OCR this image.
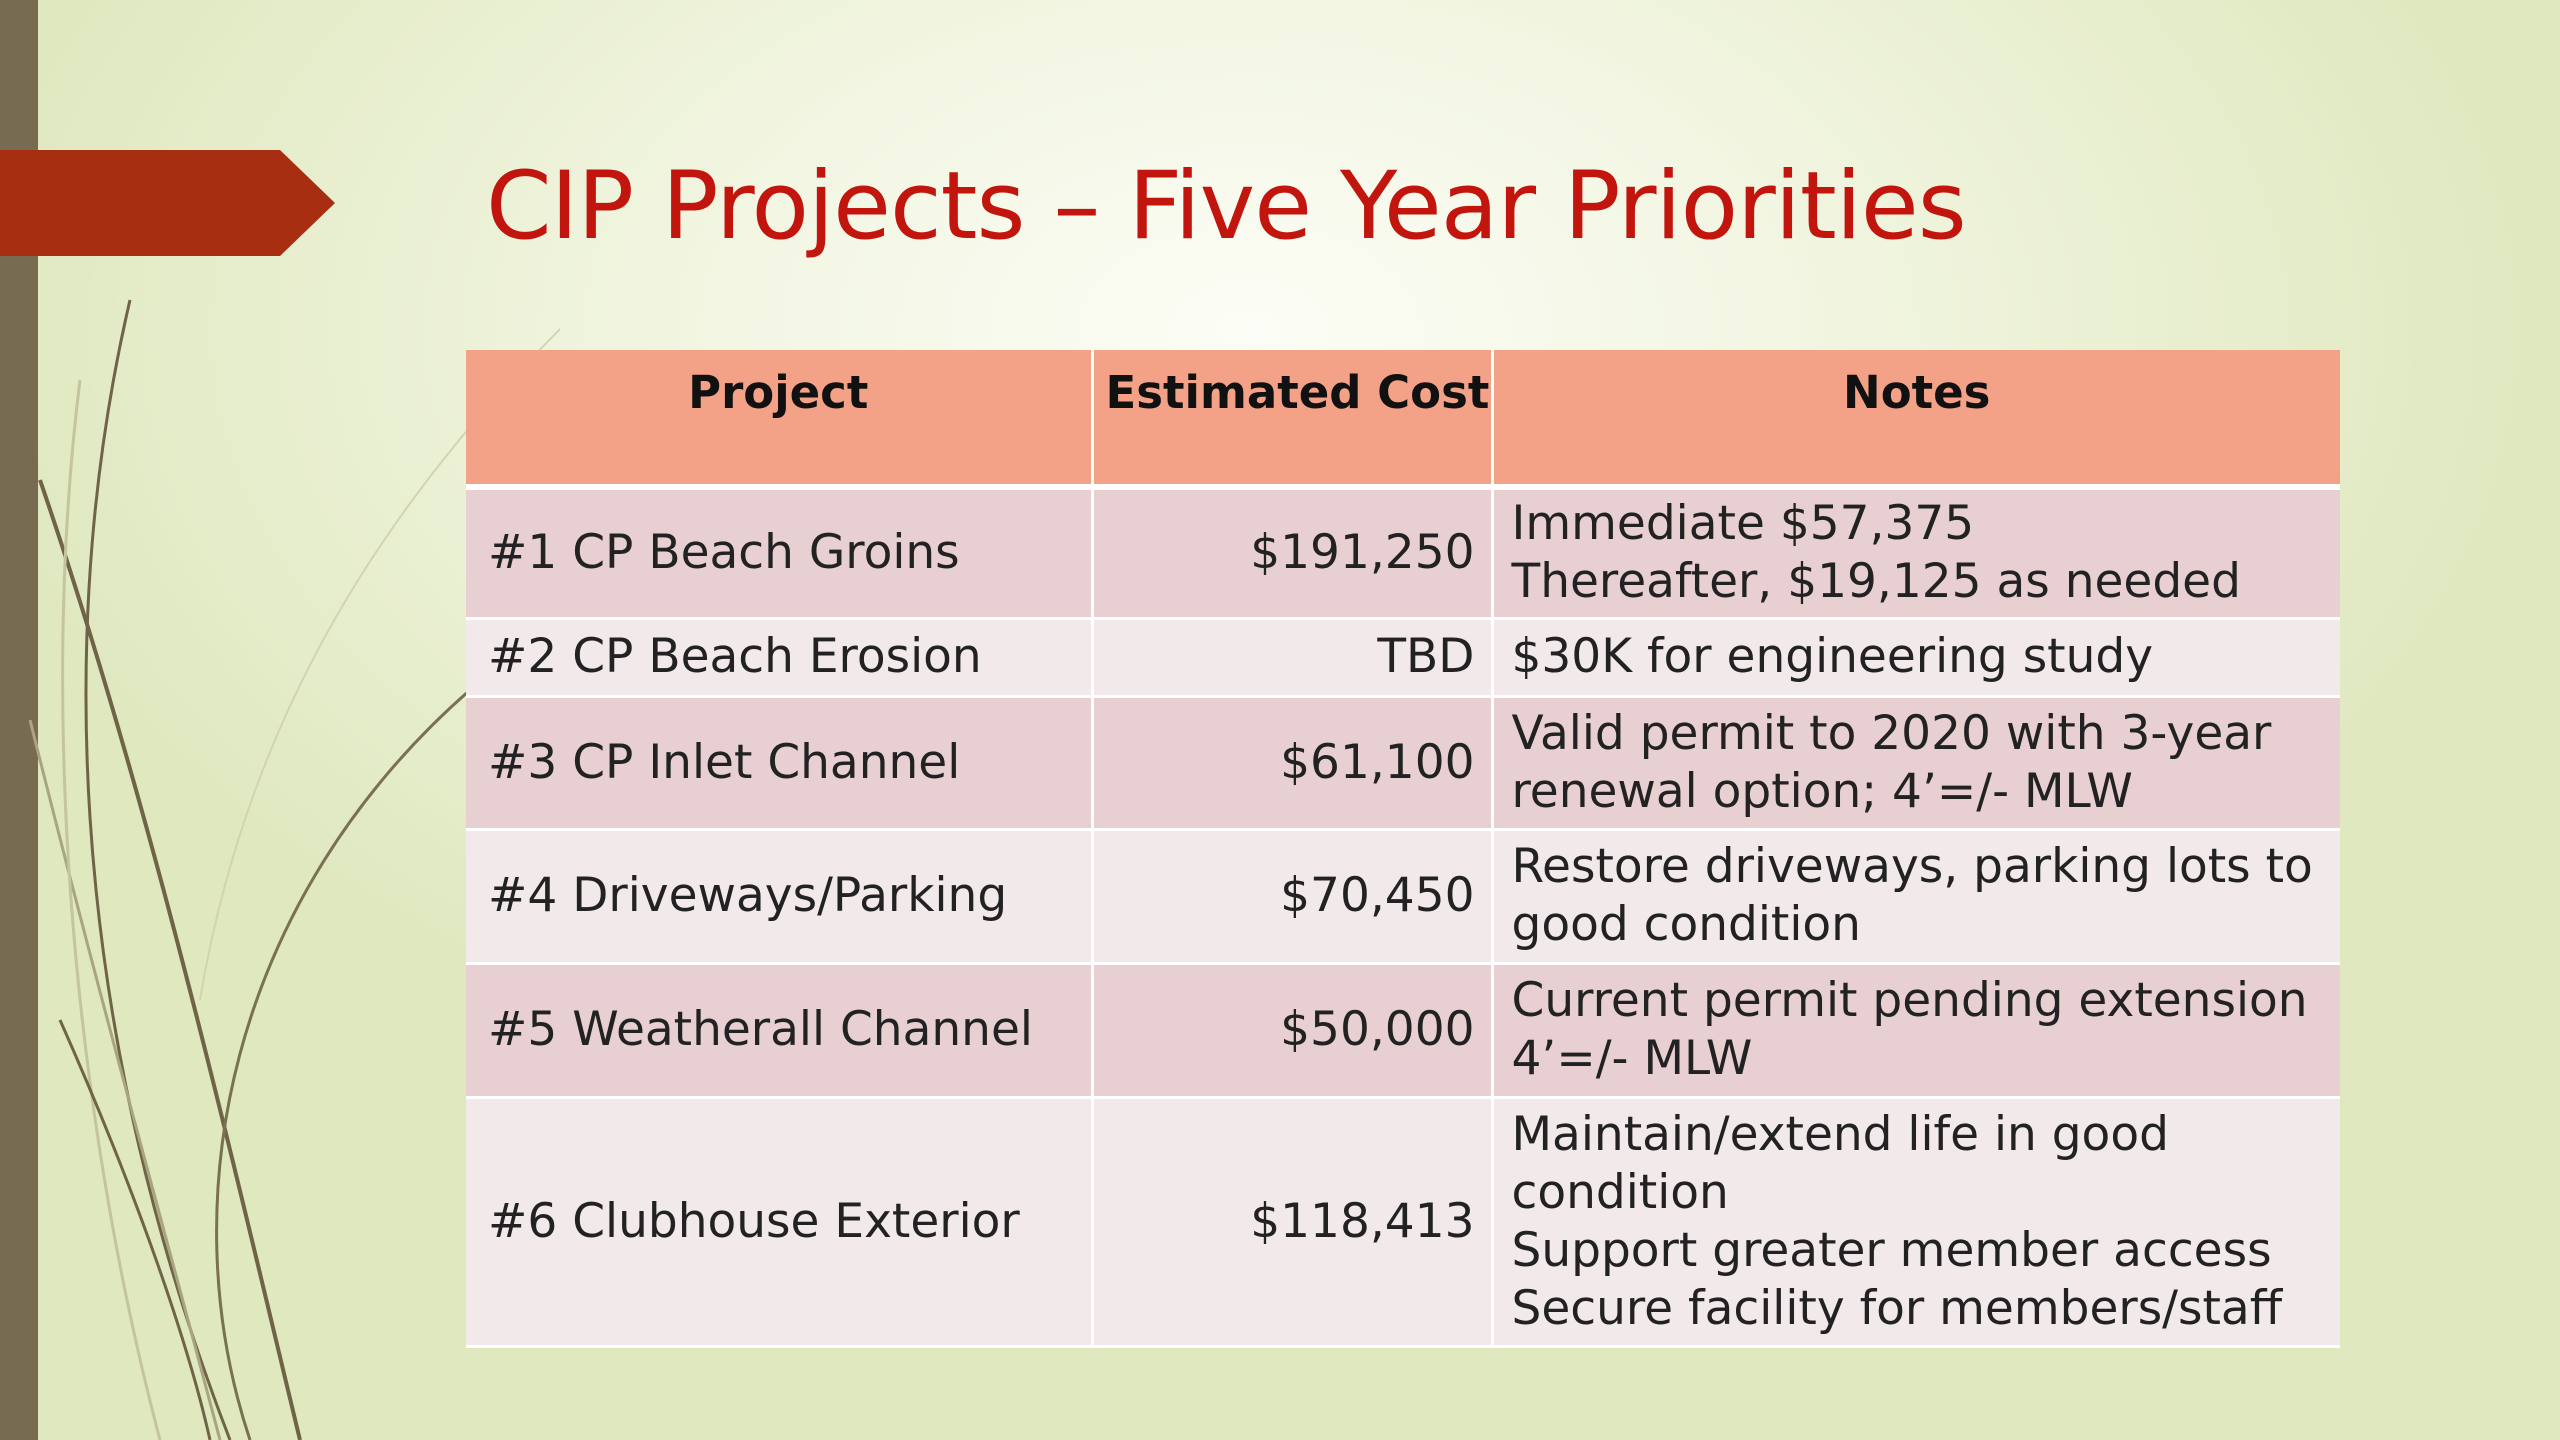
CIP Projects – Five Year Priorities
Project	Estimated Cost	Notes
#1 CP Beach Groins	$191,250	Immediate $57,375
Thereafter, $19,125 as needed

#2 CP Beach Erosion	TBD	$30K for engineering study

#3 CP Inlet Channel	$61,100	Valid permit to 2020 with 3-year
renewal option; 4’=/- MLW

#4 Driveways/Parking	$70,450	Restore driveways, parking lots to
good condition

#5 Weatherall Channel	$50,000	Current permit pending extension
4’=/- MLW

#6 Clubhouse Exterior	$118,413	Maintain/extend life in good
condition
Support greater member access
Secure facility for members/staff
